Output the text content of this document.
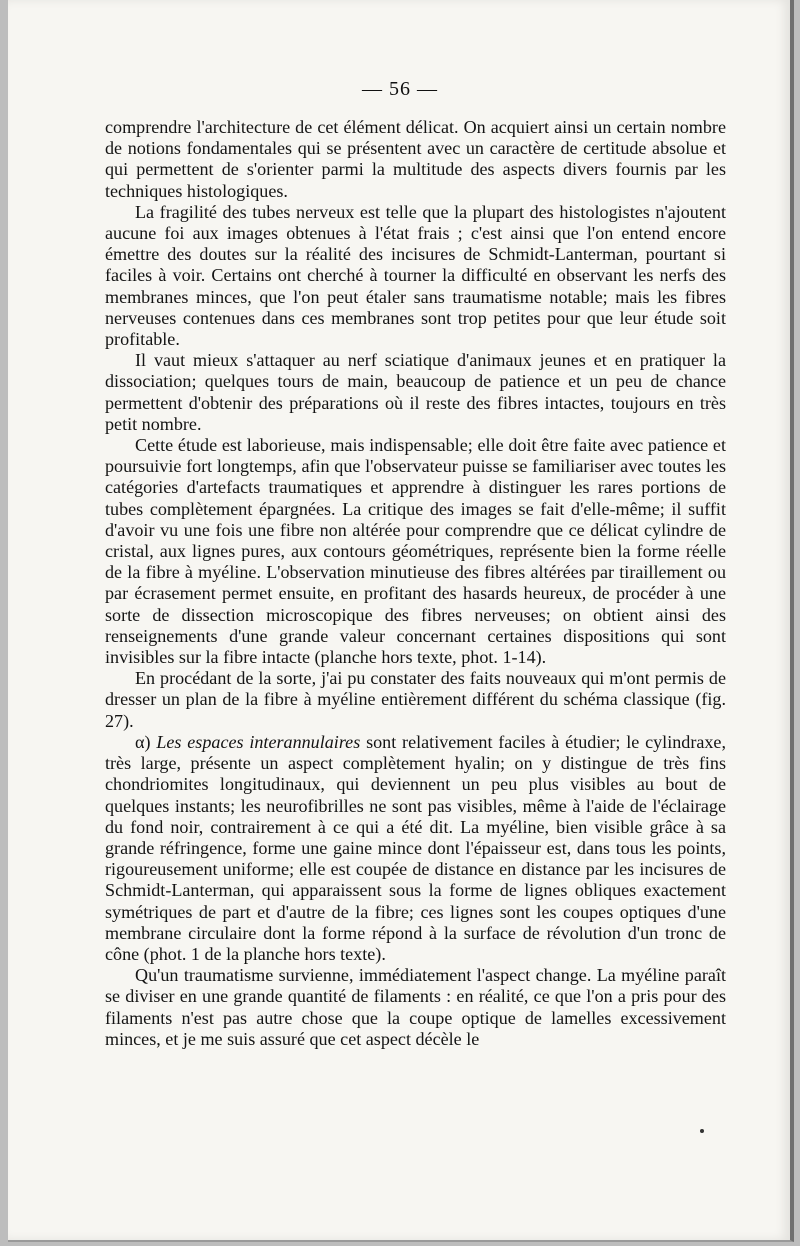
— 56 —

comprendre l'architecture de cet élément délicat. On acquiert ainsi un certain nombre de notions fondamentales qui se présentent avec un caractère de certitude absolue et qui permettent de s'orienter parmi la multitude des aspects divers fournis par les techniques histologiques.

La fragilité des tubes nerveux est telle que la plupart des histologistes n'ajoutent aucune foi aux images obtenues à l'état frais ; c'est ainsi que l'on entend encore émettre des doutes sur la réalité des incisures de Schmidt-Lanterman, pourtant si faciles à voir. Certains ont cherché à tourner la difficulté en observant les nerfs des membranes minces, que l'on peut étaler sans traumatisme notable; mais les fibres nerveuses contenues dans ces membranes sont trop petites pour que leur étude soit profitable.

Il vaut mieux s'attaquer au nerf sciatique d'animaux jeunes et en pratiquer la dissociation; quelques tours de main, beaucoup de patience et un peu de chance permettent d'obtenir des préparations où il reste des fibres intactes, toujours en très petit nombre.

Cette étude est laborieuse, mais indispensable; elle doit être faite avec patience et poursuivie fort longtemps, afin que l'observateur puisse se familiariser avec toutes les catégories d'artefacts traumatiques et apprendre à distinguer les rares portions de tubes complètement épargnées. La critique des images se fait d'elle-même; il suffit d'avoir vu une fois une fibre non altérée pour comprendre que ce délicat cylindre de cristal, aux lignes pures, aux contours géométriques, représente bien la forme réelle de la fibre à myéline. L'observation minutieuse des fibres altérées par tiraillement ou par écrasement permet ensuite, en profitant des hasards heureux, de procéder à une sorte de dissection microscopique des fibres nerveuses; on obtient ainsi des renseignements d'une grande valeur concernant certaines dispositions qui sont invisibles sur la fibre intacte (planche hors texte, phot. 1-14).

En procédant de la sorte, j'ai pu constater des faits nouveaux qui m'ont permis de dresser un plan de la fibre à myéline entièrement différent du schéma classique (fig. 27).

α) Les espaces interannulaires sont relativement faciles à étudier; le cylindraxe, très large, présente un aspect complètement hyalin; on y distingue de très fins chondriomites longitudinaux, qui deviennent un peu plus visibles au bout de quelques instants; les neurofibrilles ne sont pas visibles, même à l'aide de l'éclairage du fond noir, contrairement à ce qui a été dit. La myéline, bien visible grâce à sa grande réfringence, forme une gaine mince dont l'épaisseur est, dans tous les points, rigoureusement uniforme; elle est coupée de distance en distance par les incisures de Schmidt-Lanterman, qui apparaissent sous la forme de lignes obliques exactement symétriques de part et d'autre de la fibre; ces lignes sont les coupes optiques d'une membrane circulaire dont la forme répond à la surface de révolution d'un tronc de cône (phot. 1 de la planche hors texte).

Qu'un traumatisme survienne, immédiatement l'aspect change. La myéline paraît se diviser en une grande quantité de filaments : en réalité, ce que l'on a pris pour des filaments n'est pas autre chose que la coupe optique de lamelles excessivement minces, et je me suis assuré que cet aspect décèle le
